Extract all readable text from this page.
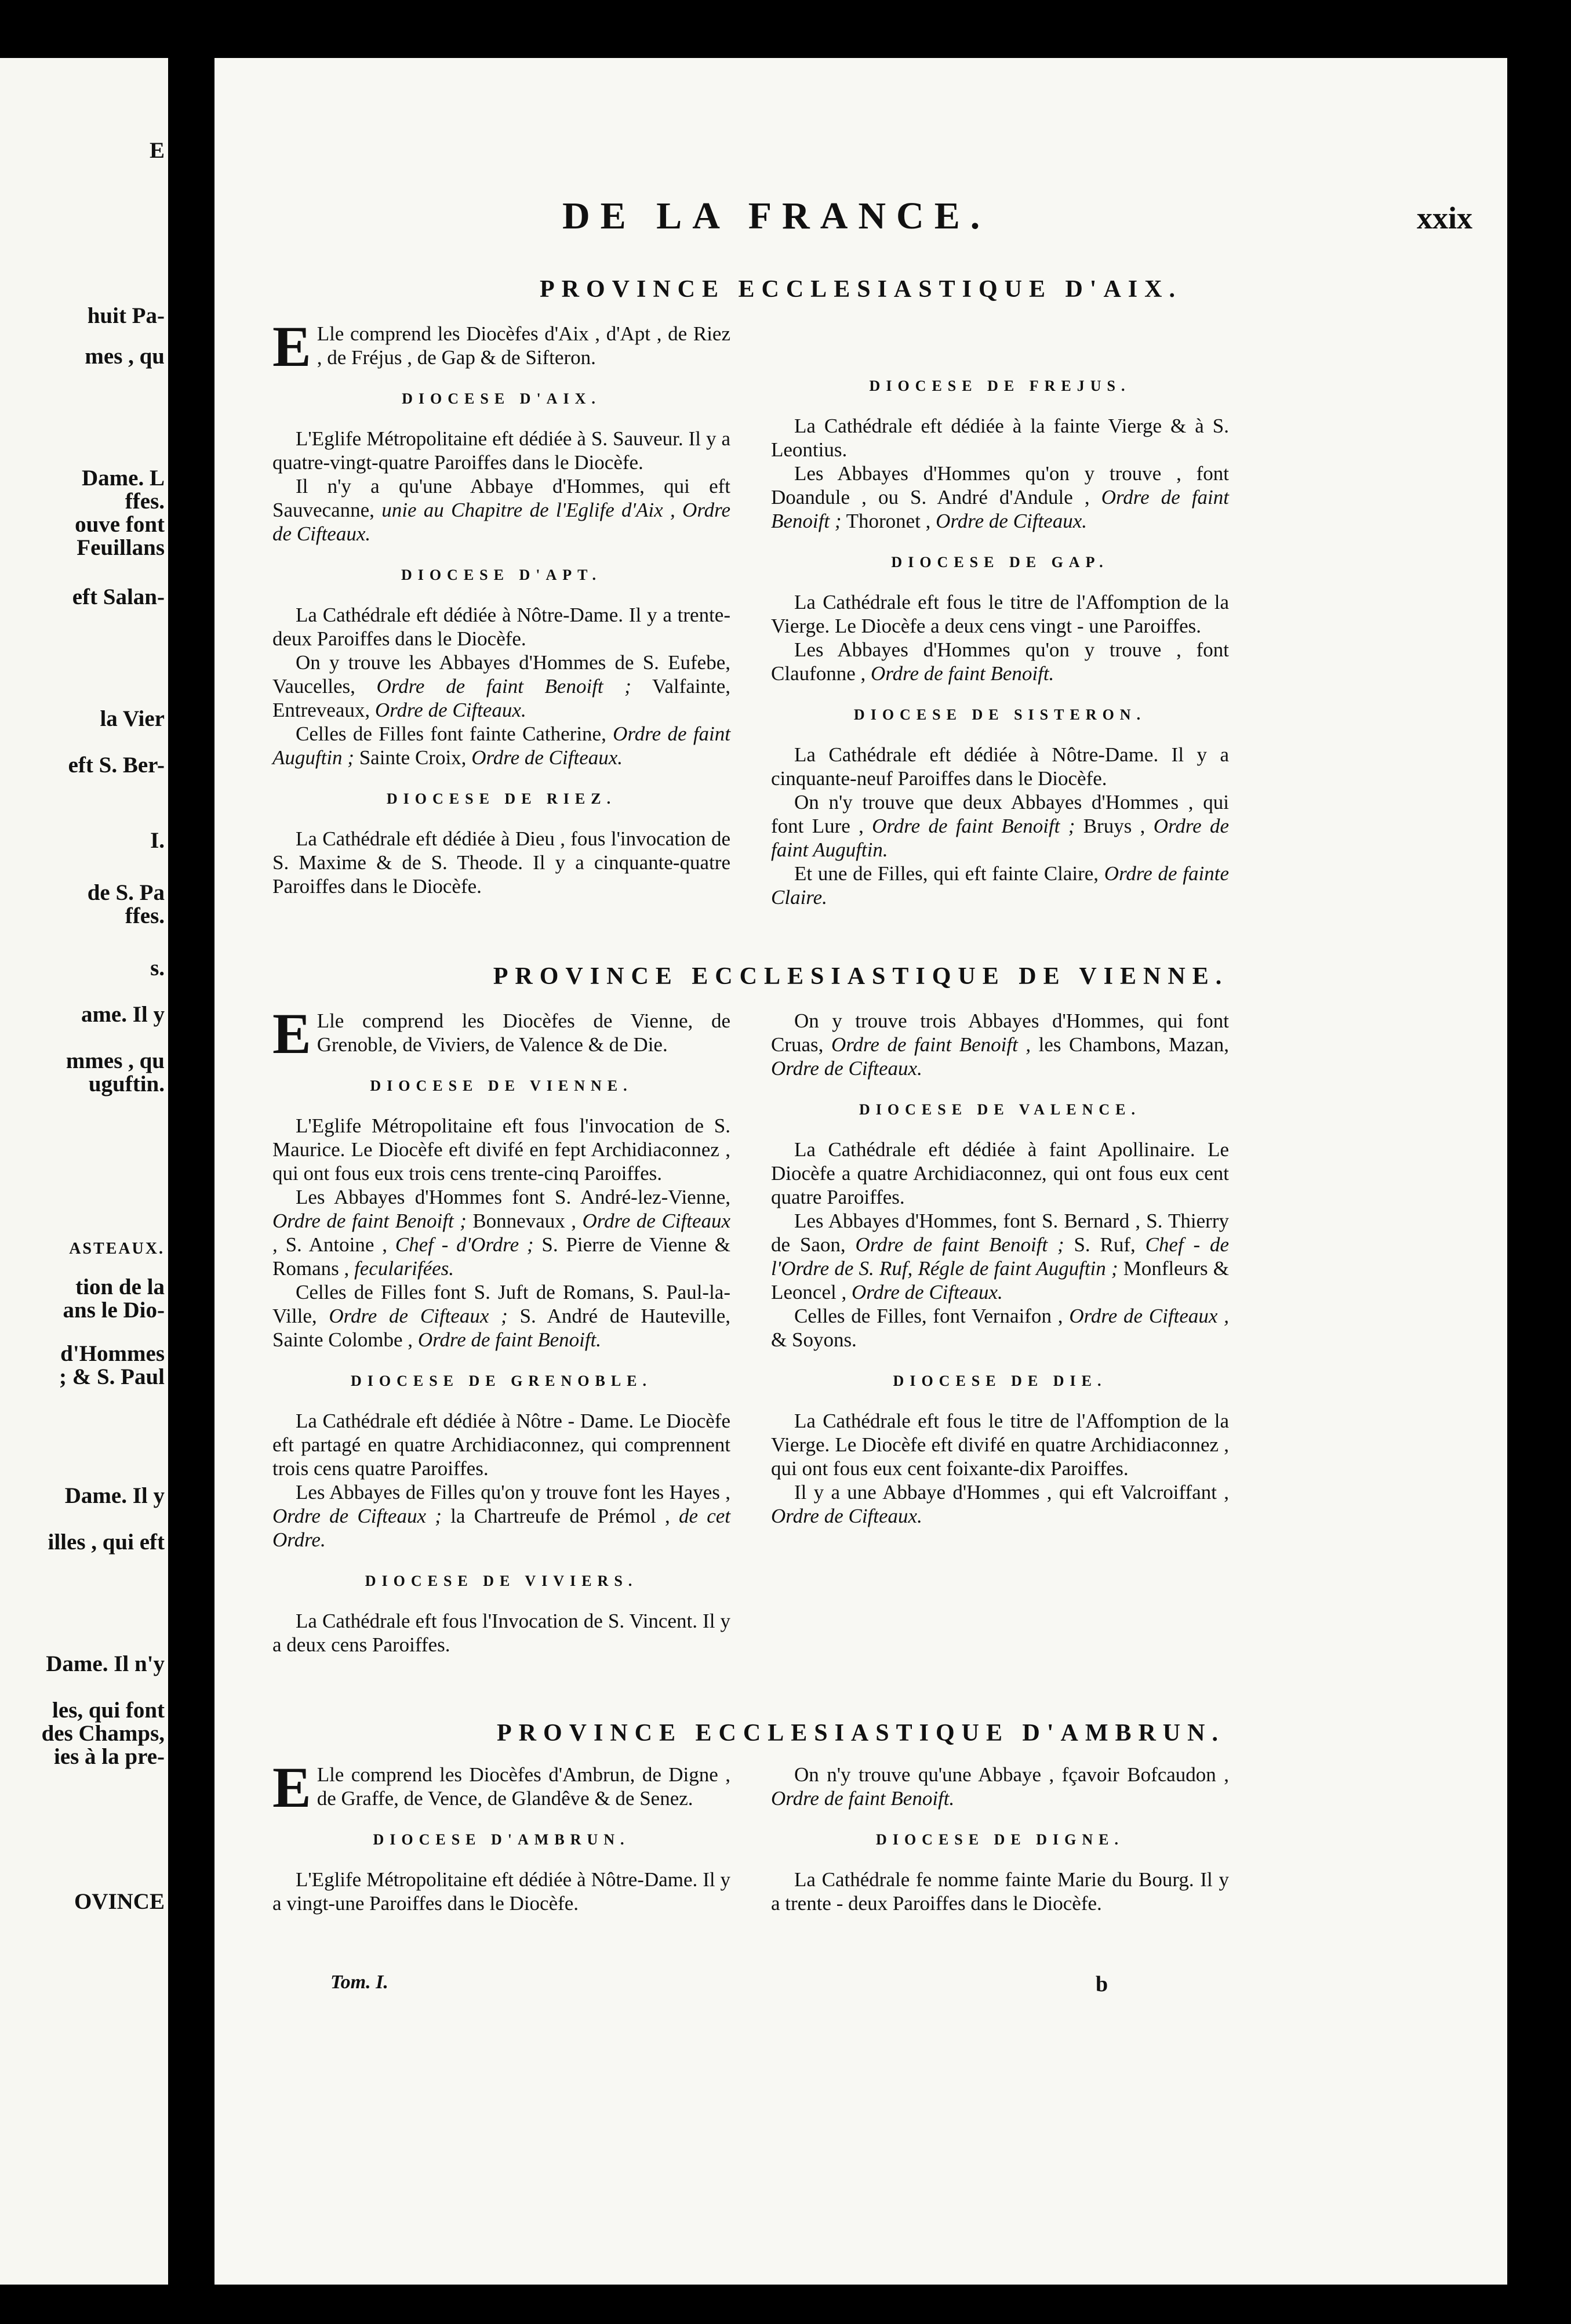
E
huit Pa-
mes , qu
Dame. L
ffes.
ouve font
Feuillans
eft Salan-
la Vier
eft S. Ber-
I.
de S. Pa
ffes.
s.
ame. Il y
mmes , qu
uguftin.
ASTEAUX.
tion de la
ans le Dio-
d'Hommes
; & S. Paul
Dame. Il y
illes , qui eft
Dame. Il n'y
les, qui font
des Champs,
ies à la pre-
OVINCE
DE LA FRANCE.	xxix
PROVINCE ECCLESIASTIQUE D'AIX.

E Lle comprend les Diocèfes d'Aix , d'Apt , de Riez , de Fréjus , de Gap & de Sifteron.

DIOCESE D'AIX.

L'Eglife Métropolitaine eft dédiée à S. Sauveur. Il y a quatre-vingt-quatre Paroiffes dans le Diocèfe.

Il n'y a qu'une Abbaye d'Hommes, qui eft Sauvecanne, unie au Chapitre de l'Eglife d'Aix , Ordre de Cifteaux.

DIOCESE D'APT.

La Cathédrale eft dédiée à Nôtre-Dame. Il y a trente-deux Paroiffes dans le Diocèfe.

On y trouve les Abbayes d'Hommes de S. Eufebe, Vaucelles, Ordre de faint Benoift ; Valfainte, Entreveaux, Ordre de Cifteaux.

Celles de Filles font fainte Catherine, Ordre de faint Auguftin ; Sainte Croix, Ordre de Cifteaux.

DIOCESE DE RIEZ.

La Cathédrale eft dédiée à Dieu , fous l'invocation de S. Maxime & de S. Theode. Il y a cinquante-quatre Paroiffes dans le Diocèfe.

DIOCESE DE FREJUS.

La Cathédrale eft dédiée à la fainte Vierge & à S. Leontius.

Les Abbayes d'Hommes qu'on y trouve , font Doandule , ou S. André d'Andule , Ordre de faint Benoift ; Thoronet , Ordre de Cifteaux.

DIOCESE DE GAP.

La Cathédrale eft fous le titre de l'Affomption de la Vierge. Le Diocèfe a deux cens vingt - une Paroiffes.

Les Abbayes d'Hommes qu'on y trouve , font Claufonne , Ordre de faint Benoift.

DIOCESE DE SISTERON.

La Cathédrale eft dédiée à Nôtre-Dame. Il y a cinquante-neuf Paroiffes dans le Diocèfe.

On n'y trouve que deux Abbayes d'Hommes , qui font Lure , Ordre de faint Benoift ; Bruys , Ordre de faint Auguftin.

Et une de Filles, qui eft fainte Claire, Ordre de fainte Claire.

PROVINCE ECCLESIASTIQUE DE VIENNE.

E Lle comprend les Diocèfes de Vienne, de Grenoble, de Viviers, de Valence & de Die.

DIOCESE DE VIENNE.

L'Eglife Métropolitaine eft fous l'invocation de S. Maurice. Le Diocèfe eft divifé en fept Archidiaconnez , qui ont fous eux trois cens trente-cinq Paroiffes.

Les Abbayes d'Hommes font S. André-lez-Vienne, Ordre de faint Benoift ; Bonnevaux , Ordre de Cifteaux , S. Antoine , Chef - d'Ordre ; S. Pierre de Vienne & Romans , fecularifées.

Celles de Filles font S. Juft de Romans, S. Paul-la-Ville, Ordre de Cifteaux ; S. André de Hauteville, Sainte Colombe , Ordre de faint Benoift.

DIOCESE DE GRENOBLE.

La Cathédrale eft dédiée à Nôtre - Dame. Le Diocèfe eft partagé en quatre Archidiaconnez, qui comprennent trois cens quatre Paroiffes.

Les Abbayes de Filles qu'on y trouve font les Hayes , Ordre de Cifteaux ; la Chartreufe de Prémol , de cet Ordre.

DIOCESE DE VIVIERS.

La Cathédrale eft fous l'Invocation de S. Vincent. Il y a deux cens Paroiffes.

On y trouve trois Abbayes d'Hommes, qui font Cruas, Ordre de faint Benoift , les Chambons, Mazan, Ordre de Cifteaux.

DIOCESE DE VALENCE.

La Cathédrale eft dédiée à faint Apollinaire. Le Diocèfe a quatre Archidiaconnez, qui ont fous eux cent quatre Paroiffes.

Les Abbayes d'Hommes, font S. Bernard , S. Thierry de Saon, Ordre de faint Benoift ; S. Ruf, Chef - de l'Ordre de S. Ruf, Régle de faint Auguftin ; Monfleurs & Leoncel , Ordre de Cifteaux.

Celles de Filles, font Vernaifon , Ordre de Cifteaux , & Soyons.

DIOCESE DE DIE.

La Cathédrale eft fous le titre de l'Affomption de la Vierge. Le Diocèfe eft divifé en quatre Archidiaconnez , qui ont fous eux cent foixante-dix Paroiffes.

Il y a une Abbaye d'Hommes , qui eft Valcroiffant , Ordre de Cifteaux.

PROVINCE ECCLESIASTIQUE D'AMBRUN.

E Lle comprend les Diocèfes d'Ambrun, de Digne , de Graffe, de Vence, de Glandêve & de Senez.

DIOCESE D'AMBRUN.

L'Eglife Métropolitaine eft dédiée à Nôtre-Dame. Il y a vingt-une Paroiffes dans le Diocèfe.

On n'y trouve qu'une Abbaye , fçavoir Bofcaudon , Ordre de faint Benoift.

DIOCESE DE DIGNE.

La Cathédrale fe nomme fainte Marie du Bourg. Il y a trente - deux Paroiffes dans le Diocèfe.

Tom. I.	b
